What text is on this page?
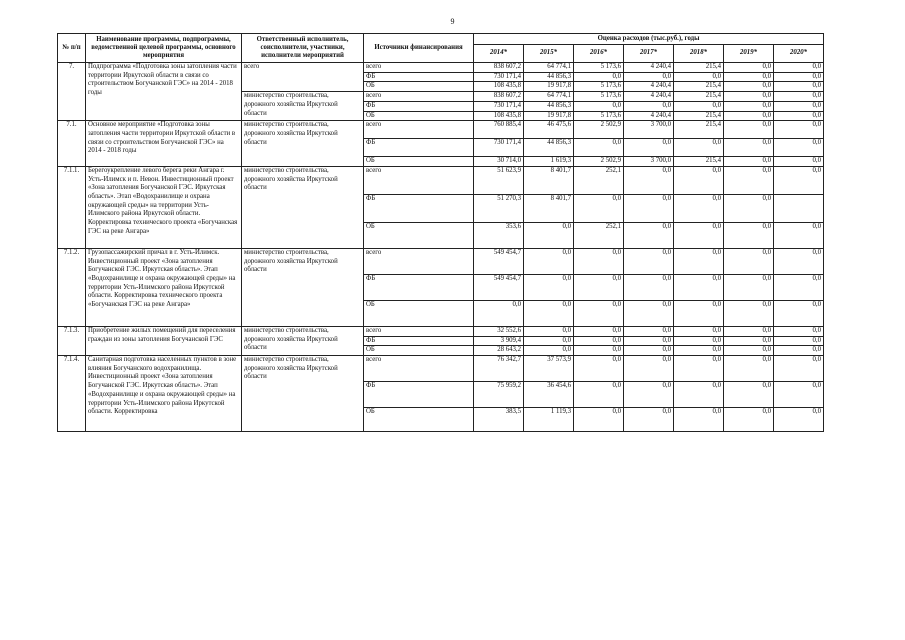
9
№ п/п	Наименование программы, подпрограммы, ведомственной целевой программы, основного мероприятия	Ответственный исполнитель, соисполнители, участники, исполнители мероприятий	Источники финансирования	Оценка расходов (тыс.руб.), годы						
				2014*	2015*	2016*	2017*	2018*	2019*	2020*
7.	Подпрограмма «Подготовка зоны затопления части территории Иркутской области в связи со строительством Богучанской ГЭС» на 2014 - 2018 годы	всего	всего	838 607,2	64 774,1	5 173,6	4 240,4	215,4	0,0	0,0
			ФБ	730 171,4	44 856,3	0,0	0,0	0,0	0,0	0,0
			ОБ	108 435,8	19 917,8	5 173,6	4 240,4	215,4	0,0	0,0
		министерство строительства, дорожного хозяйства Иркутской области	всего	838 607,2	64 774,1	5 173,6	4 240,4	215,4	0,0	0,0
			ФБ	730 171,4	44 856,3	0,0	0,0	0,0	0,0	0,0
			ОБ	108 435,8	19 917,8	5 173,6	4 240,4	215,4	0,0	0,0
7.1.	Основное мероприятие «Подготовка зоны затопления части территории Иркутской области в связи со строительством Богучанской ГЭС» на 2014 - 2018 годы	министерство строительства, дорожного хозяйства Иркутской области	всего	760 885,4	46 475,6	2 502,9	3 700,0	215,4	0,0	0,0
			ФБ	730 171,4	44 856,3	0,0	0,0	0,0	0,0	0,0
			ОБ	30 714,0	1 619,3	2 502,9	3 700,0	215,4	0,0	0,0
7.1.1.	Берегоукрепление левого берега реки Ангара г. Усть-Илимск и п. Невон. Инвестиционный проект «Зона затопления Богучанской ГЭС. Иркутская область». Этап «Водохранилище и охрана окружающей среды» на территории Усть-Илимского района Иркутской области. Корректировка технического проекта «Богучанская ГЭС на реке Ангара»	министерство строительства, дорожного хозяйства Иркутской области	всего	51 623,9	8 401,7	252,1	0,0	0,0	0,0	0,0
			ФБ	51 270,3	8 401,7	0,0	0,0	0,0	0,0	
			ОБ	353,6	0,0	252,1	0,0	0,0	0,0	0,0
7.1.2.	Грузопассажирский причал в г. Усть-Илимск. Инвестиционный проект «Зона затопления Богучанской ГЭС. Иркутская область». Этап «Водохранилище и охрана окружающей среды» на территории Усть-Илимского района Иркутской области. Корректировка технического проекта «Богучанская ГЭС на реке Ангара»	министерство строительства, дорожного хозяйства Иркутской области	всего	549 454,7	0,0	0,0	0,0	0,0	0,0	0,0
			ФБ	549 454,7	0,0	0,0	0,0	0,0	0,0	0,0
			ОБ	0,0	0,0	0,0	0,0	0,0	0,0	0,0
7.1.3.	Приобретение жилых помещений для переселения граждан из зоны затопления Богучанской ГЭС	министерство строительства, дорожного хозяйства Иркутской области	всего	32 552,6	0,0	0,0	0,0	0,0	0,0	0,0
			ФБ	3 909,4	0,0	0,0	0,0	0,0	0,0	0,0
			ОБ	28 643,2	0,0	0,0	0,0	0,0	0,0	0,0
7.1.4.	Санитарная подготовка населенных пунктов в зоне влияния Богучанского водохранилища. Инвестиционный проект «Зона затопления Богучанской ГЭС. Иркутская область». Этап «Водохранилище и охрана окружающей среды» на территории Усть-Илимского района Иркутской области. Корректировка	министерство строительства, дорожного хозяйства Иркутской области	всего	76 342,7	37 573,9	0,0	0,0	0,0	0,0	0,0
			ФБ	75 959,2	36 454,6	0,0	0,0	0,0	0,0	0,0
			ОБ	383,5	1 119,3	0,0	0,0	0,0	0,0	0,0
